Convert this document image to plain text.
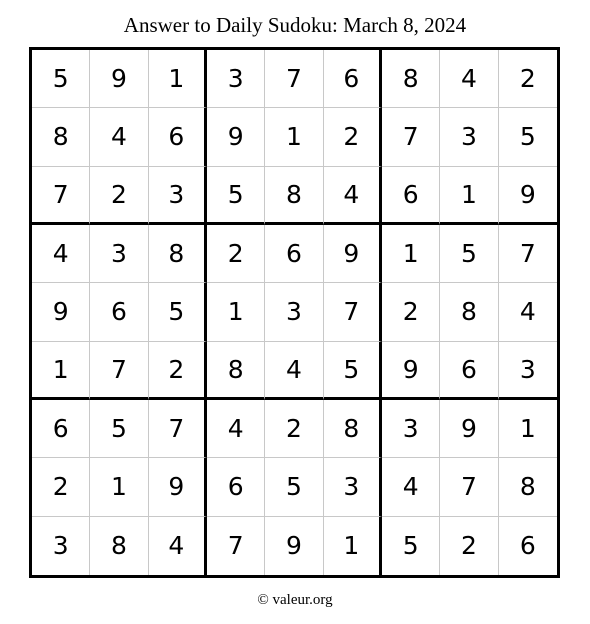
Answer to Daily Sudoku: March 8, 2024
5	9	1	3	7	6	8	4	2
8	4	6	9	1	2	7	3	5
7	2	3	5	8	4	6	1	9
4	3	8	2	6	9	1	5	7
9	6	5	1	3	7	2	8	4
1	7	2	8	4	5	9	6	3
6	5	7	4	2	8	3	9	1
2	1	9	6	5	3	4	7	8
3	8	4	7	9	1	5	2	6
© valeur.org
